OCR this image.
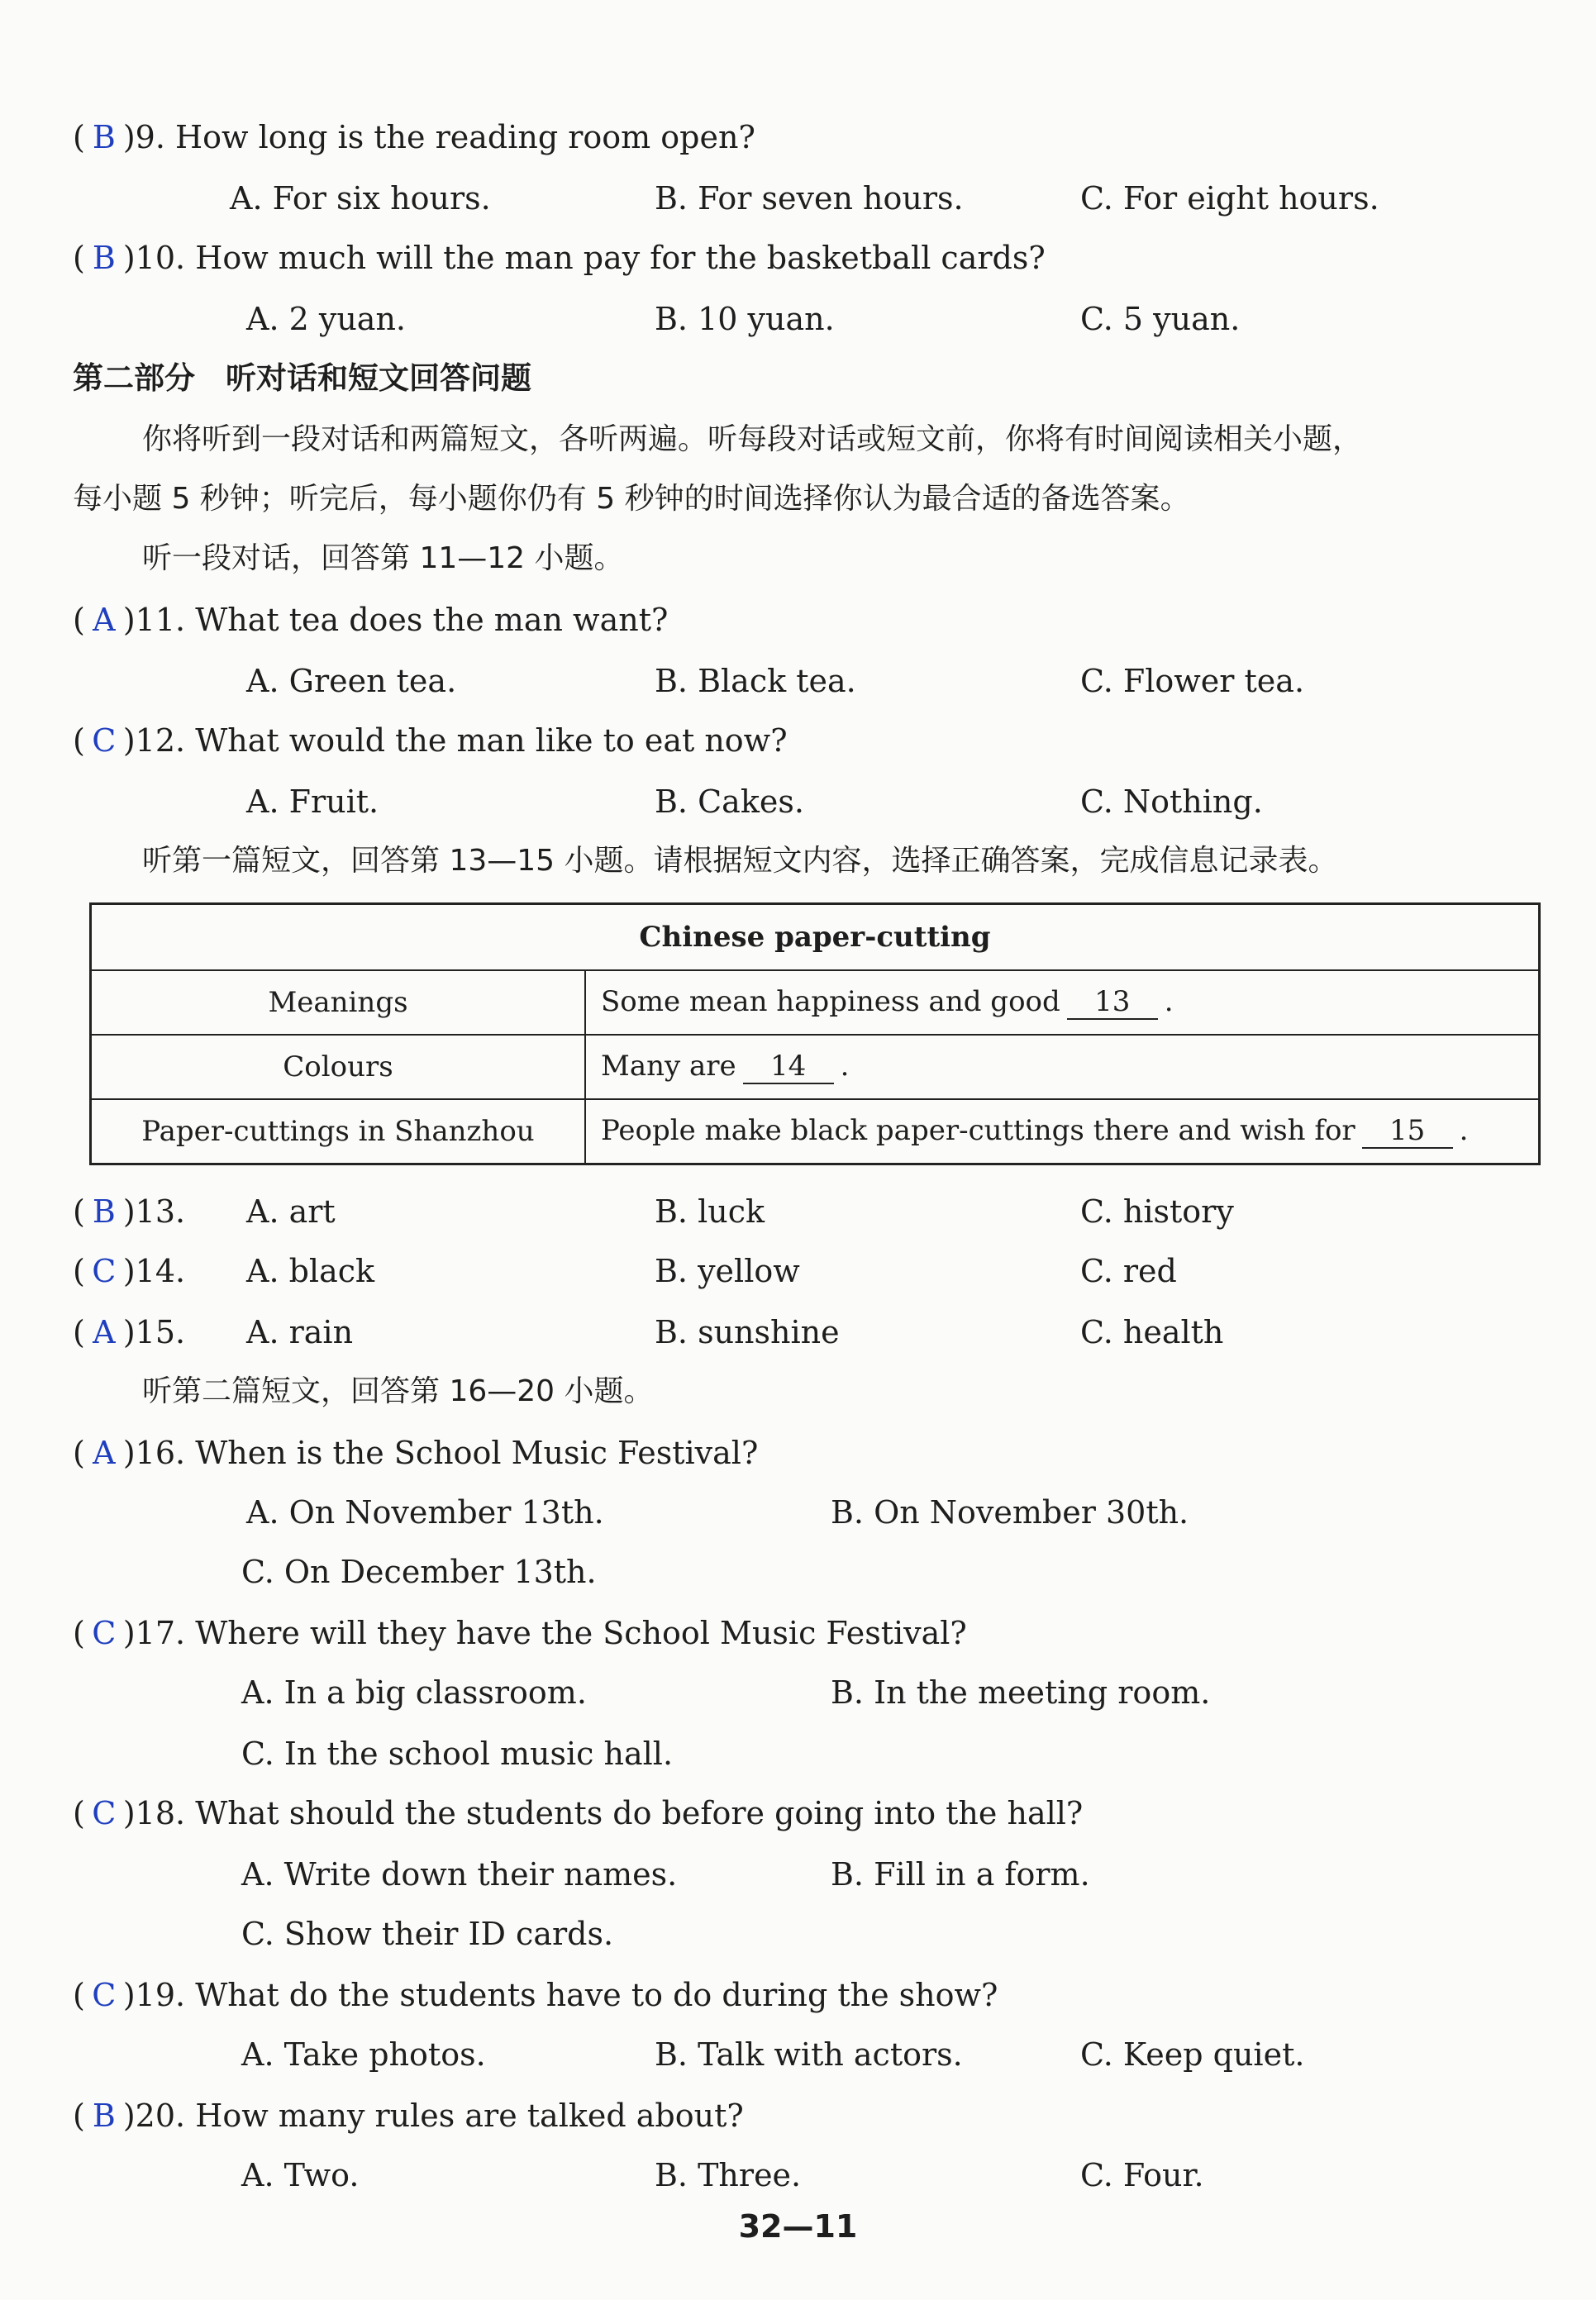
( B )9. How long is the reading room open?
A. For six hours.	B. For seven hours.	C. For eight hours.
( B )10. How much will the man pay for the basketball cards?
A. 2 yuan.	B. 10 yuan.	C. 5 yuan.
第二部分　听对话和短文回答问题
你将听到一段对话和两篇短文，各听两遍。听每段对话或短文前，你将有时间阅读相关小题，
每小题 5 秒钟；听完后，每小题你仍有 5 秒钟的时间选择你认为最合适的备选答案。
听一段对话，回答第 11—12 小题。
( A )11. What tea does the man want?
A. Green tea.	B. Black tea.	C. Flower tea.
( C )12. What would the man like to eat now?
A. Fruit.	B. Cakes.	C. Nothing.
听第一篇短文，回答第 13—15 小题。请根据短文内容，选择正确答案，完成信息记录表。
Chinese paper-cutting	
Meanings	Some mean happiness and good 13 .
Colours	Many are 14 .
Paper-cuttings in Shanzhou	People make black paper-cuttings there and wish for 15 .
( B )13. A. art	B. luck	C. history
( C )14. A. black	B. yellow	C. red
( A )15. A. rain	B. sunshine	C. health
听第二篇短文，回答第 16—20 小题。
( A )16. When is the School Music Festival?
A. On November 13th.	B. On November 30th.
C. On December 13th.
( C )17. Where will they have the School Music Festival?
A. In a big classroom.	B. In the meeting room.
C. In the school music hall.
( C )18. What should the students do before going into the hall?
A. Write down their names.	B. Fill in a form.
C. Show their ID cards.
( C )19. What do the students have to do during the show?
A. Take photos.	B. Talk with actors.	C. Keep quiet.
( B )20. How many rules are talked about?
A. Two.	B. Three.	C. Four.
32—11
